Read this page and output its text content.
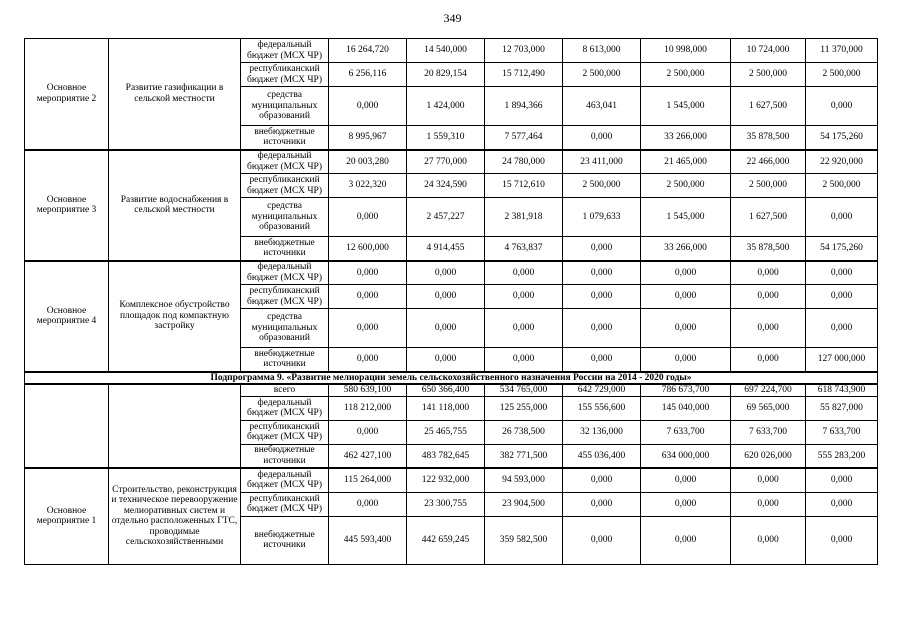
349
Основное мероприятие 2	Развитие газификации в сельской местности	федеральный бюджет (МСХ ЧР)	16 264,720	14 540,000	12 703,000	8 613,000	10 998,000	10 724,000	11 370,000
		республиканский бюджет (МСХ ЧР)	6 256,116	20 829,154	15 712,490	2 500,000	2 500,000	2 500,000	2 500,000
		средства муниципальных образований	0,000	1 424,000	1 894,366	463,041	1 545,000	1 627,500	0,000
		внебюджетные источники	8 995,967	1 559,310	7 577,464	0,000	33 266,000	35 878,500	54 175,260
Основное мероприятие 3	Развитие водоснабжения в сельской местности	федеральный бюджет (МСХ ЧР)	20 003,280	27 770,000	24 780,000	23 411,000	21 465,000	22 466,000	22 920,000
		республиканский бюджет (МСХ ЧР)	3 022,320	24 324,590	15 712,610	2 500,000	2 500,000	2 500,000	2 500,000
		средства муниципальных образований	0,000	2 457,227	2 381,918	1 079,633	1 545,000	1 627,500	0,000
		внебюджетные источники	12 600,000	4 914,455	4 763,837	0,000	33 266,000	35 878,500	54 175,260
Основное мероприятие 4	Комплексное обустройство площадок под компактную застройку	федеральный бюджет (МСХ ЧР)	0,000	0,000	0,000	0,000	0,000	0,000	0,000
		республиканский бюджет (МСХ ЧР)	0,000	0,000	0,000	0,000	0,000	0,000	0,000
		средства муниципальных образований	0,000	0,000	0,000	0,000	0,000	0,000	0,000
		внебюджетные источники	0,000	0,000	0,000	0,000	0,000	0,000	127 000,000
Подпрограмма 9. «Развитие мелиорации земель сельскохозяйственного назначения России на 2014 - 2020 годы»									
		всего	580 639,100	650 366,400	534 765,000	642 729,000	786 673,700	697 224,700	618 743,900
		федеральный бюджет (МСХ ЧР)	118 212,000	141 118,000	125 255,000	155 556,600	145 040,000	69 565,000	55 827,000
		республиканский бюджет (МСХ ЧР)	0,000	25 465,755	26 738,500	32 136,000	7 633,700	7 633,700	7 633,700
		внебюджетные источники	462 427,100	483 782,645	382 771,500	455 036,400	634 000,000	620 026,000	555 283,200
Основное мероприятие 1	Строительство, реконструкция и техническое перевооружение мелиоративных систем и отдельно расположенных ГТС, проводимые сельскохозяйственными	федеральный бюджет (МСХ ЧР)	115 264,000	122 932,000	94 593,000	0,000	0,000	0,000	0,000
		республиканский бюджет (МСХ ЧР)	0,000	23 300,755	23 904,500	0,000	0,000	0,000	0,000
		внебюджетные источники	445 593,400	442 659,245	359 582,500	0,000	0,000	0,000	0,000
